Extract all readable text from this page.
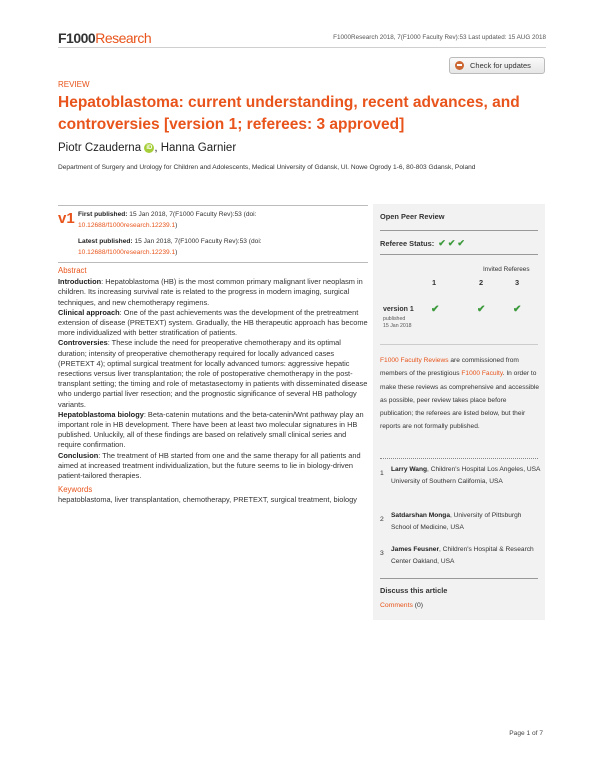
F1000Research	F1000Research 2018, 7(F1000 Faculty Rev):53 Last updated: 15 AUG 2018
Check for updates
REVIEW
Hepatoblastoma: current understanding, recent advances, and controversies [version 1; referees: 3 approved]
Piotr Czauderna iD , Hanna Garnier
Department of Surgery and Urology for Children and Adolescents, Medical University of Gdansk, Ul. Nowe Ogrody 1-6, 80-803 Gdansk, Poland
v1 First published: 15 Jan 2018, 7(F1000 Faculty Rev):53 (doi:
10.12688/f1000research.12239.1)
Latest published: 15 Jan 2018, 7(F1000 Faculty Rev):53 (doi:
10.12688/f1000research.12239.1)
Abstract

Introduction: Hepatoblastoma (HB) is the most common primary malignant liver neoplasm in children. Its increasing survival rate is related to the progress in modern imaging, surgical techniques, and new chemotherapy regimens.

Clinical approach: One of the past achievements was the development of the pretreatment extension of disease (PRETEXT) system. Gradually, the HB therapeutic approach has become more individualized with better stratification of patients.

Controversies: These include the need for preoperative chemotherapy and its optimal duration; intensity of preoperative chemotherapy required for locally advanced cases (PRETEXT 4); optimal surgical treatment for locally advanced tumors: aggressive hepatic resections versus liver transplantation; the role of postoperative chemotherapy in the post-transplant setting; the timing and role of metastasectomy in patients with disseminated disease who undergo partial liver resection; and the prognostic significance of several HB pathology variants.

Hepatoblastoma biology: Beta-catenin mutations and the beta-catenin/Wnt pathway play an important role in HB development. There have been at least two molecular signatures in HB published. Unluckily, all of these findings are based on relatively small clinical series and require confirmation.

Conclusion: The treatment of HB started from one and the same therapy for all patients and aimed at increased treatment individualization, but the future seems to lie in biology-driven patient-tailored therapies.

Keywords

hepatoblastoma, liver transplantation, chemotherapy, PRETEXT, surgical treatment, biology

Open Peer Review
Referee Status: ✔ ✔ ✔
Invited Referees
1	2	3
version 1
published
15 Jan 2018
✔	✔	✔
F1000 Faculty Reviews are commissioned from members of the prestigious F1000 Faculty. In order to make these reviews as comprehensive and accessible as possible, peer review takes place before publication; the referees are listed below, but their reports are not formally published.
1
Larry Wang, Children's Hospital Los Angeles, USA
University of Southern California, USA
2
Satdarshan Monga, University of Pittsburgh School of Medicine, USA
3
James Feusner, Children's Hospital & Research Center Oakland, USA
Discuss this article
Comments (0)
Page 1 of 7
